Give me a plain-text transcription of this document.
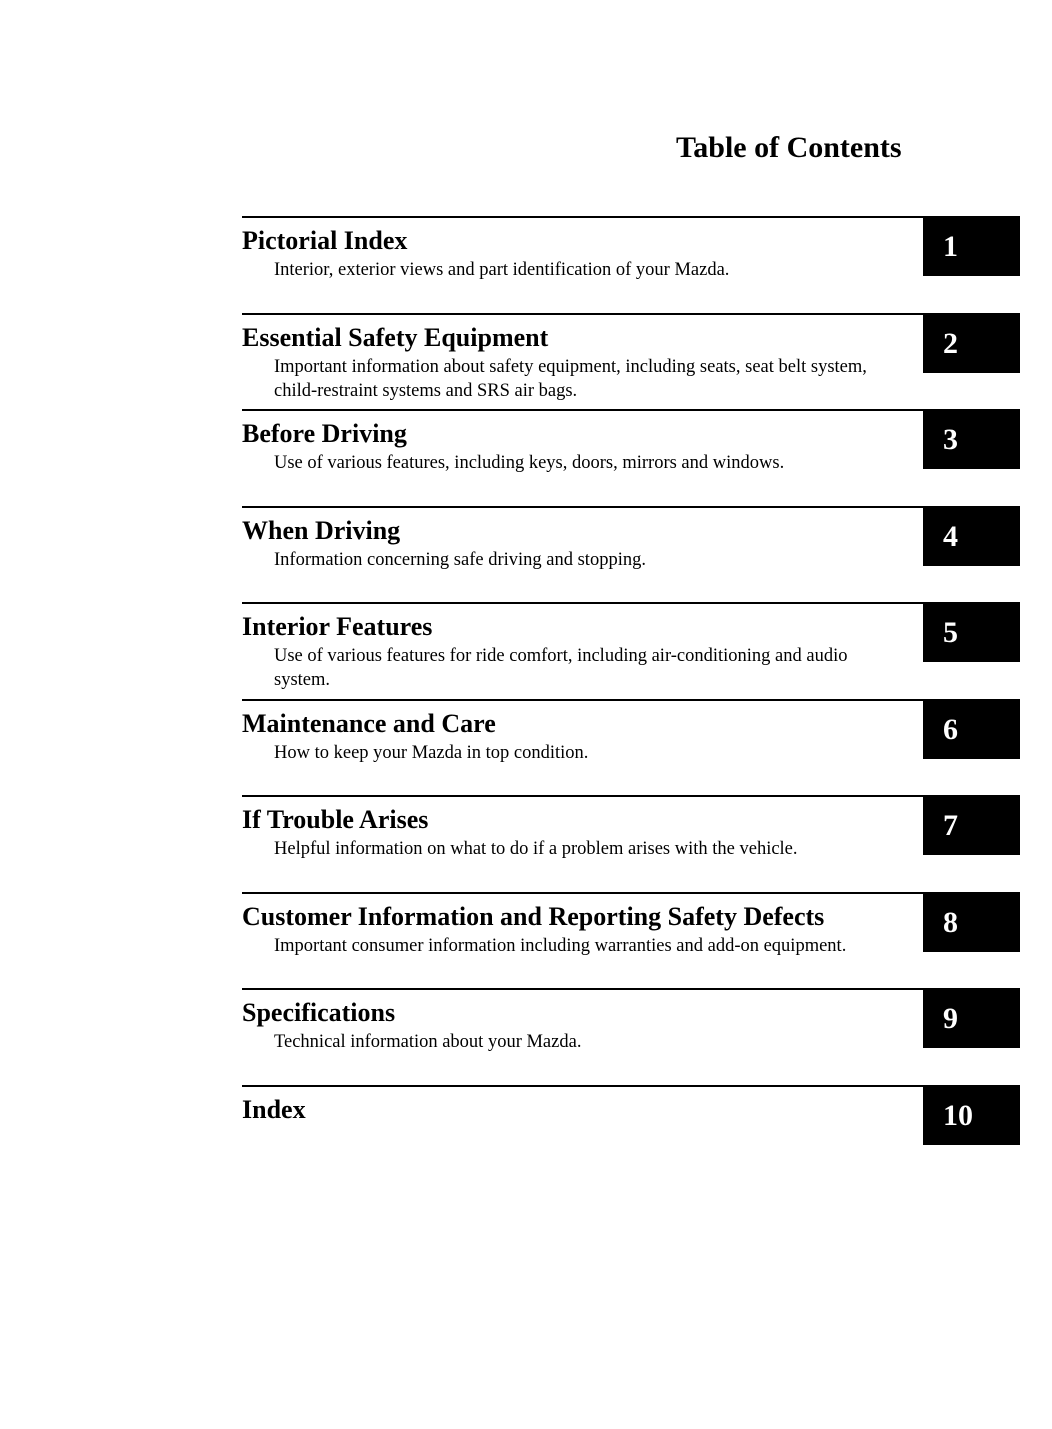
Table of Contents
Pictorial Index
Interior, exterior views and part identification of your Mazda.
1
Essential Safety Equipment
Important information about safety equipment, including seats, seat belt system, child-restraint systems and SRS air bags.
2
Before Driving
Use of various features, including keys, doors, mirrors and windows.
3
When Driving
Information concerning safe driving and stopping.
4
Interior Features
Use of various features for ride comfort, including air-conditioning and audio system.
5
Maintenance and Care
How to keep your Mazda in top condition.
6
If Trouble Arises
Helpful information on what to do if a problem arises with the vehicle.
7
Customer Information and Reporting Safety Defects
Important consumer information including warranties and add-on equipment.
8
Specifications
Technical information about your Mazda.
9
Index	10
